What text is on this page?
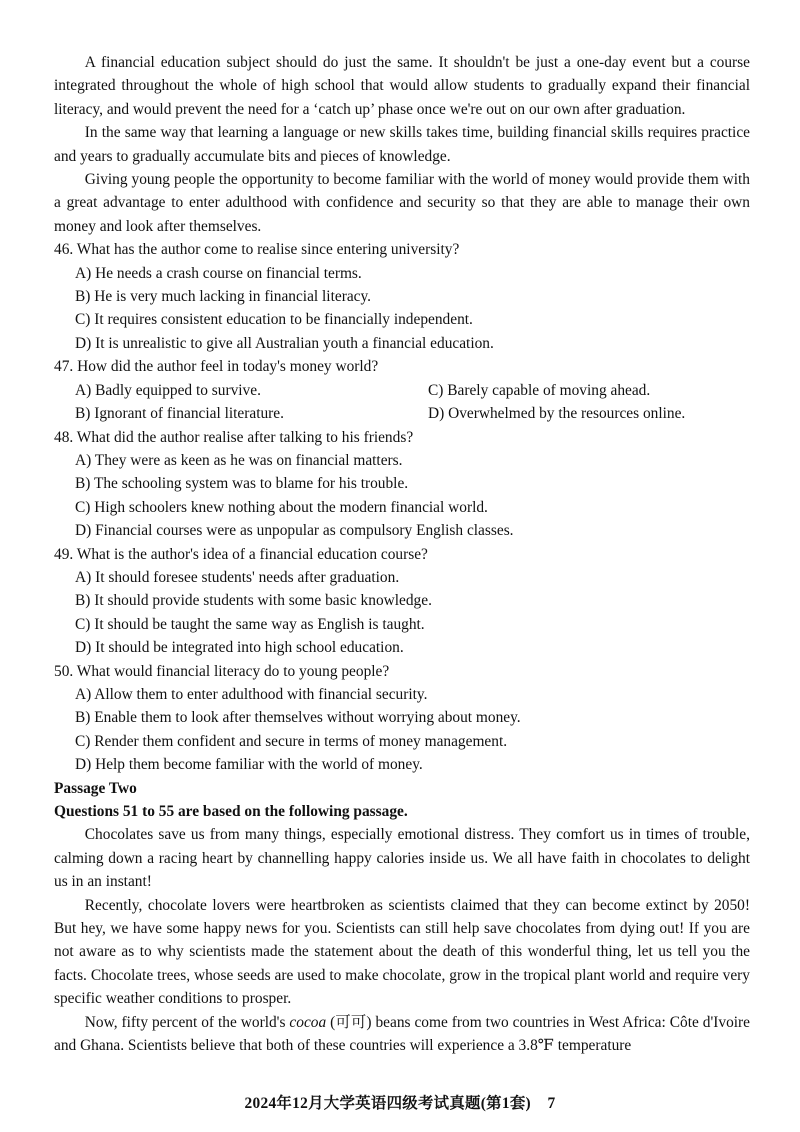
A financial education subject should do just the same. It shouldn't be just a one-day event but a course integrated throughout the whole of high school that would allow students to gradually expand their financial literacy, and would prevent the need for a ‘catch up’ phase once we're out on our own after graduation.

In the same way that learning a language or new skills takes time, building financial skills requires practice and years to gradually accumulate bits and pieces of knowledge.

Giving young people the opportunity to become familiar with the world of money would provide them with a great advantage to enter adulthood with confidence and security so that they are able to manage their own money and look after themselves.

46. What has the author come to realise since entering university?

A) He needs a crash course on financial terms.

B) He is very much lacking in financial literacy.

C) It requires consistent education to be financially independent.

D) It is unrealistic to give all Australian youth a financial education.

47. How did the author feel in today's money world?

A) Badly equipped to survive.	C) Barely capable of moving ahead.

B) Ignorant of financial literature.	D) Overwhelmed by the resources online.

48. What did the author realise after talking to his friends?

A) They were as keen as he was on financial matters.

B) The schooling system was to blame for his trouble.

C) High schoolers knew nothing about the modern financial world.

D) Financial courses were as unpopular as compulsory English classes.

49. What is the author's idea of a financial education course?

A) It should foresee students' needs after graduation.

B) It should provide students with some basic knowledge.

C) It should be taught the same way as English is taught.

D) It should be integrated into high school education.

50. What would financial literacy do to young people?

A) Allow them to enter adulthood with financial security.

B) Enable them to look after themselves without worrying about money.

C) Render them confident and secure in terms of money management.

D) Help them become familiar with the world of money.

Passage Two

Questions 51 to 55 are based on the following passage.

Chocolates save us from many things, especially emotional distress. They comfort us in times of trouble, calming down a racing heart by channelling happy calories inside us. We all have faith in chocolates to delight us in an instant!

Recently, chocolate lovers were heartbroken as scientists claimed that they can become extinct by 2050! But hey, we have some happy news for you. Scientists can still help save chocolates from dying out! If you are not aware as to why scientists made the statement about the death of this wonderful thing, let us tell you the facts. Chocolate trees, whose seeds are used to make chocolate, grow in the tropical plant world and require very specific weather conditions to prosper.

Now, fifty percent of the world's cocoa (可可) beans come from two countries in West Africa: Côte d'Ivoire and Ghana. Scientists believe that both of these countries will experience a 3.8℉ temperature

2024年12月大学英语四级考试真题(第1套)    7
